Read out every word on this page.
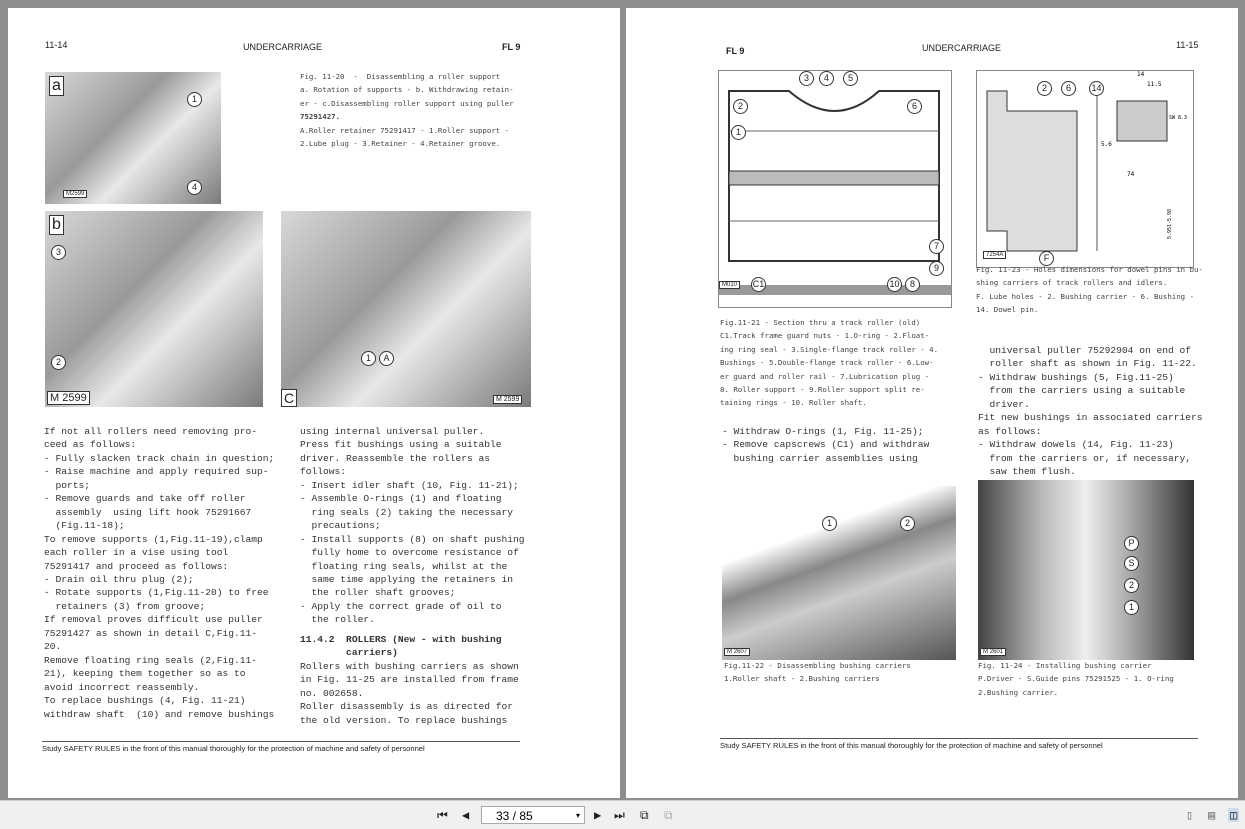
11-14	UNDERCARRIAGE	FL 9
a
1
4
M2599
b
3
2
M 2599	C
1	A
M 2599
Fig. 11-20  -  Disassembling a roller support
a. Rotation of supports - b. Withdrawing retain-
er - c.Disassembling roller support using puller
75291427.
A.Roller retainer 75291417 - 1.Roller support -
2.Lube plug - 3.Retainer - 4.Retainer groove.
If not all rollers need removing pro-
ceed as follows:
- Fully slacken track chain in question;
- Raise machine and apply required sup-
ports;
- Remove guards and take off roller
assembly  using lift hook 75291667
(Fig.11-18);
To remove supports (1,Fig.11-19),clamp
each roller in a vise using tool
75291417 and proceed as follows:
- Drain oil thru plug (2);
- Rotate supports (1,Fig.11-20) to free
retainers (3) from groove;
If removal proves difficult use puller
75291427 as shown in detail C,Fig.11-
20.
Remove floating ring seals (2,Fig.11-
21), keeping them together so as to
avoid incorrect reassembly.
To replace bushings (4, Fig. 11-21)
withdraw shaft  (10) and remove bushings
using internal universal puller.
Press fit bushings using a suitable
driver. Reassemble the rollers as
follows:
- Insert idler shaft (10, Fig. 11-21);
- Assemble O-rings (1) and floating
ring seals (2) taking the necessary
precautions;
- Install supports (8) on shaft pushing
fully home to overcome resistance of
floating ring seals, whilst at the
same time applying the retainers in
the roller shaft grooves;
- Apply the correct grade of oil to
the roller.
11.4.2  ROLLERS (New - with bushing
carriers)
Rollers with bushing carriers as shown
in Fig. 11-25 are installed from frame
no. 002658.
Roller disassembly is as directed for
the old version. To replace bushings
Study SAFETY RULES in the front of this manual thoroughly for the protection of machine and safety of personnel
FL 9	UNDERCARRIAGE	11-15
3	4	5
2	6
1
7
9
10	8
C1
M010
2	6	14
F
7254A
14
11.5
SW 8.3
5.6
74
5.951-5.98
Fig.11-21 - Section thru a track roller (old)
C1.Track frame guard nuts - 1.O-ring - 2.Float-
ing ring seal - 3.Single-flange track roller - 4.
Bushings - 5.Double-flange track roller - 6.Low-
er guard and roller rail - 7.Lubrication plug -
8. Roller support - 9.Roller support split re-
taining rings - 10. Roller shaft.
Fig. 11-23 - Holes dimensions for dowel pins in bu-
shing carriers of track rollers and idlers.
F. Lube holes - 2. Bushing carrier - 6. Bushing -
14. Dowel pin.
- Withdraw O-rings (1, Fig. 11-25);
- Remove capscrews (C1) and withdraw
bushing carrier assemblies using
universal puller 75292904 on end of
roller shaft as shown in Fig. 11-22.
- Withdraw bushings (5, Fig.11-25)
from the carriers using a suitable
driver.
Fit new bushings in associated carriers
as follows:
- Withdraw dowels (14, Fig. 11-23)
from the carriers or, if necessary,
saw them flush.
1	2
M 2607
P
S
2
1
M 2601
Fig.11-22 - Disassembling bushing carriers
1.Roller shaft - 2.Bushing carriers
Fig. 11-24 - Installing bushing carrier
P.Driver - S.Guide pins 75291525 - 1. O-ring
2.Bushing carrier.
Study SAFETY RULES in the front of this manual thoroughly for the protection of machine and safety of personnel
⏮ ◀	33 / 85	▾ ▶ ⏭ ⧉ ⧉	▯ ▤ ◫
